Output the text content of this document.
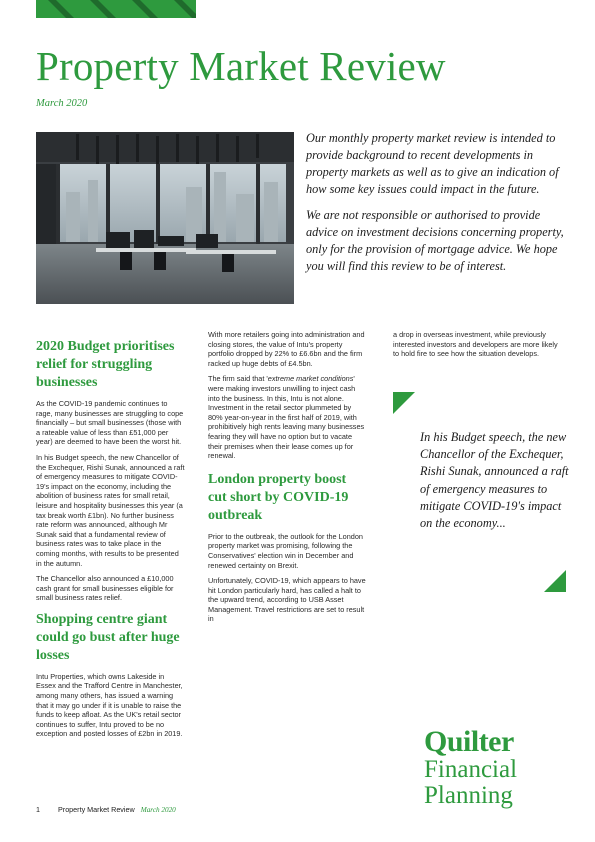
Property Market Review
March 2020

Our monthly property market review is intended to provide background to recent developments in property markets as well as to give an indication of how some key issues could impact in the future.

We are not responsible or authorised to provide advice on investment decisions concerning property, only for the provision of mortgage advice. We hope you will find this review to be of interest.

2020 Budget prioritises relief for struggling businesses

As the COVID-19 pandemic continues to rage, many businesses are struggling to cope financially – but small businesses (those with a rateable value of less than £51,000 per year) are deemed to have been the worst hit.

In his Budget speech, the new Chancellor of the Exchequer, Rishi Sunak, announced a raft of emergency measures to mitigate COVID-19's impact on the economy, including the abolition of business rates for small retail, leisure and hospitality businesses this year (a tax break worth £1bn). No further business rate reform was announced, although Mr Sunak said that a fundamental review of business rates was to take place in the coming months, with results to be presented in the autumn.

The Chancellor also announced a £10,000 cash grant for small businesses eligible for small business rates relief.

Shopping centre giant could go bust after huge losses

Intu Properties, which owns Lakeside in Essex and the Trafford Centre in Manchester, among many others, has issued a warning that it may go under if it is unable to raise the funds to keep afloat. As the UK's retail sector continues to suffer, Intu proved to be no exception and posted losses of £2bn in 2019.

With more retailers going into administration and closing stores, the value of Intu's property portfolio dropped by 22% to £6.6bn and the firm racked up huge debts of £4.5bn.

The firm said that 'extreme market conditions' were making investors unwilling to inject cash into the business. In this, Intu is not alone. Investment in the retail sector plummeted by 80% year-on-year in the first half of 2019, with prohibitively high rents leaving many businesses fearing they will have no option but to vacate their premises when their lease comes up for renewal.

London property boost cut short by COVID-19 outbreak

Prior to the outbreak, the outlook for the London property market was promising, following the Conservatives' election win in December and renewed certainty on Brexit.

Unfortunately, COVID-19, which appears to have hit London particularly hard, has called a halt to the upward trend, according to USB Asset Management. Travel restrictions are set to result in

a drop in overseas investment, while previously interested investors and developers are more likely to hold fire to see how the situation develops.

In his Budget speech, the new Chancellor of the Exchequer, Rishi Sunak, announced a raft of emergency measures to mitigate COVID-19's impact on the economy...

Quilter
Financial
Planning
1	Property Market Review March 2020
